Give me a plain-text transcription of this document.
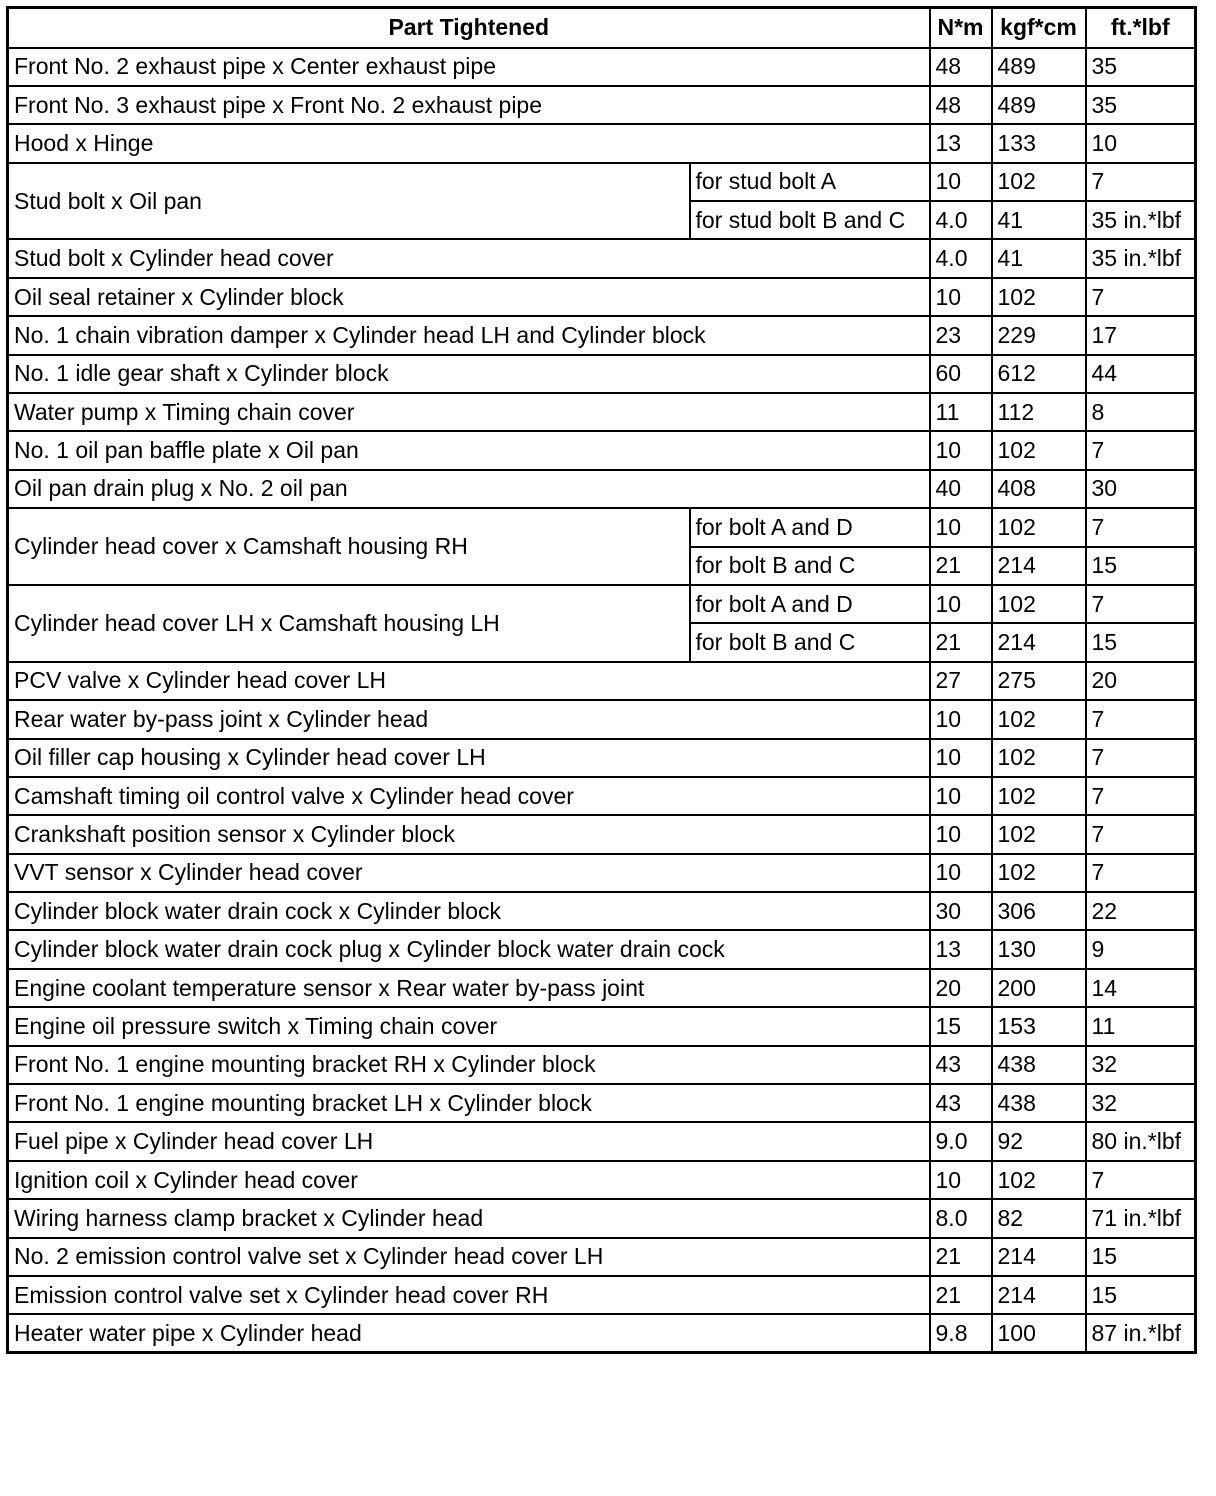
Part Tightened		N*m	kgf*cm	ft.*lbf
Front No. 2 exhaust pipe x Center exhaust pipe		48	489	35
Front No. 3 exhaust pipe x Front No. 2 exhaust pipe		48	489	35
Hood x Hinge		13	133	10
Stud bolt x Oil pan	for stud bolt A	10	102	7
	for stud bolt B and C	4.0	41	35 in.*lbf
Stud bolt x Cylinder head cover		4.0	41	35 in.*lbf
Oil seal retainer x Cylinder block		10	102	7
No. 1 chain vibration damper x Cylinder head LH and Cylinder block		23	229	17
No. 1 idle gear shaft x Cylinder block		60	612	44
Water pump x Timing chain cover		11	112	8
No. 1 oil pan baffle plate x Oil pan		10	102	7
Oil pan drain plug x No. 2 oil pan		40	408	30
Cylinder head cover x Camshaft housing RH	for bolt A and D	10	102	7
	for bolt B and C	21	214	15
Cylinder head cover LH x Camshaft housing LH	for bolt A and D	10	102	7
	for bolt B and C	21	214	15
PCV valve x Cylinder head cover LH		27	275	20
Rear water by-pass joint x Cylinder head		10	102	7
Oil filler cap housing x Cylinder head cover LH		10	102	7
Camshaft timing oil control valve x Cylinder head cover		10	102	7
Crankshaft position sensor x Cylinder block		10	102	7
VVT sensor x Cylinder head cover		10	102	7
Cylinder block water drain cock x Cylinder block		30	306	22
Cylinder block water drain cock plug x Cylinder block water drain cock		13	130	9
Engine coolant temperature sensor x Rear water by-pass joint		20	200	14
Engine oil pressure switch x Timing chain cover		15	153	11
Front No. 1 engine mounting bracket RH x Cylinder block		43	438	32
Front No. 1 engine mounting bracket LH x Cylinder block		43	438	32
Fuel pipe x Cylinder head cover LH		9.0	92	80 in.*lbf
Ignition coil x Cylinder head cover		10	102	7
Wiring harness clamp bracket x Cylinder head		8.0	82	71 in.*lbf
No. 2 emission control valve set x Cylinder head cover LH		21	214	15
Emission control valve set x Cylinder head cover RH		21	214	15
Heater water pipe x Cylinder head		9.8	100	87 in.*lbf
